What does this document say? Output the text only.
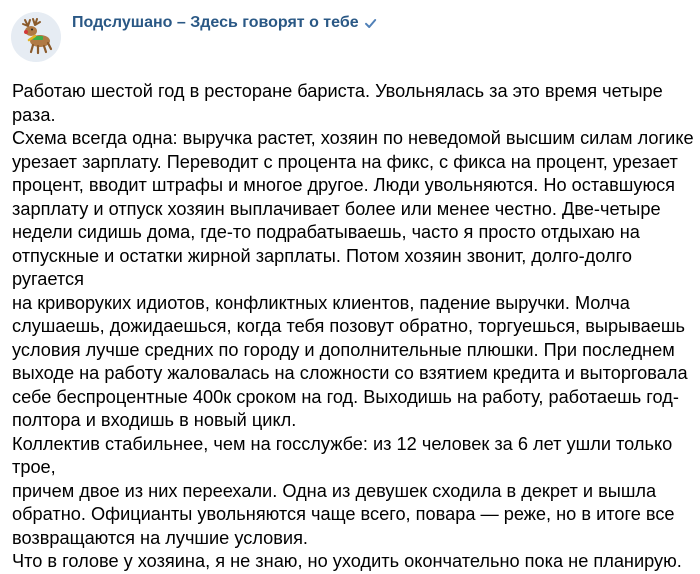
Подслушано – Здесь говорят о тебе

Работаю шестой год в ресторане бариста. Увольнялась за это время четыре раза.
Схема всегда одна: выручка растет, хозяин по неведомой высшим силам логике
урезает зарплату. Переводит с процента на фикс, с фикса на процент, урезает
процент, вводит штрафы и многое другое. Люди увольняются. Но оставшуюся
зарплату и отпуск хозяин выплачивает более или менее честно. Две-четыре
недели сидишь дома, где-то подрабатываешь, часто я просто отдыхаю на
отпускные и остатки жирной зарплаты. Потом хозяин звонит, долго-долго ругается
на криворуких идиотов, конфликтных клиентов, падение выручки. Молча
слушаешь, дожидаешься, когда тебя позовут обратно, торгуешься, вырываешь
условия лучше средних по городу и дополнительные плюшки. При последнем
выходе на работу жаловалась на сложности со взятием кредита и выторговала
себе беспроцентные 400к сроком на год. Выходишь на работу, работаешь год-
полтора и входишь в новый цикл.

Коллектив стабильнее, чем на госслужбе: из 12 человек за 6 лет ушли только трое,
причем двое из них переехали. Одна из девушек сходила в декрет и вышла
обратно. Официанты увольняются чаще всего, повара — реже, но в итоге все
возвращаются на лучшие условия.

Что в голове у хозяина, я не знаю, но уходить окончательно пока не планирую.
